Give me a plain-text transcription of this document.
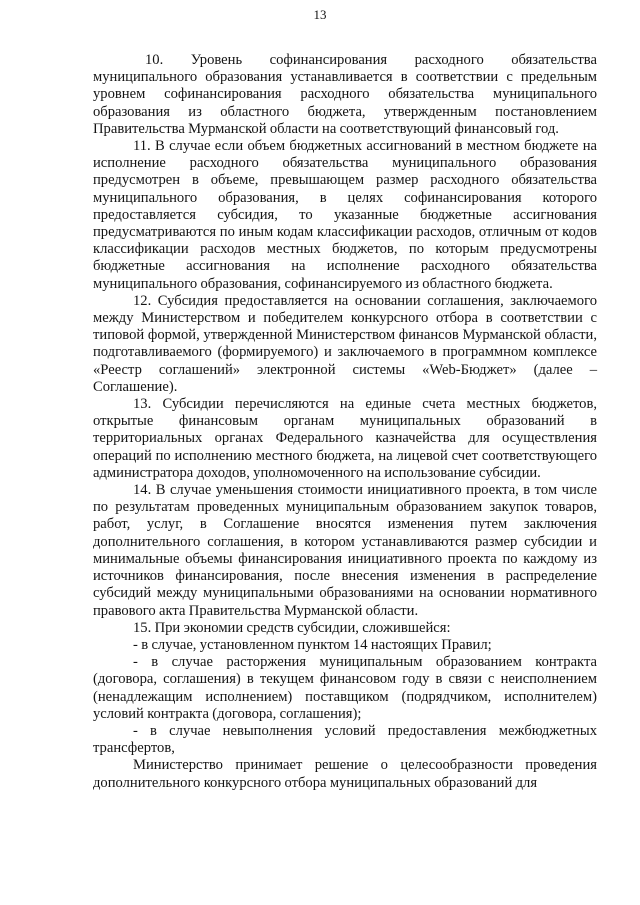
13

10. Уровень софинансирования расходного обязательства муниципального образования устанавливается в соответствии с предельным уровнем софинансирования расходного обязательства муниципального образования из областного бюджета, утвержденным постановлением Правительства Мурманской области на соответствующий финансовый год.

11. В случае если объем бюджетных ассигнований в местном бюджете на исполнение расходного обязательства муниципального образования предусмотрен в объеме, превышающем размер расходного обязательства муниципального образования, в целях софинансирования которого предоставляется субсидия, то указанные бюджетные ассигнования предусматриваются по иным кодам классификации расходов, отличным от кодов классификации расходов местных бюджетов, по которым предусмотрены бюджетные ассигнования на исполнение расходного обязательства муниципального образования, софинансируемого из областного бюджета.

12. Субсидия предоставляется на основании соглашения, заключаемого между Министерством и победителем конкурсного отбора в соответствии с типовой формой, утвержденной Министерством финансов Мурманской области, подготавливаемого (формируемого) и заключаемого в программном комплексе «Реестр соглашений» электронной системы «Web-Бюджет» (далее – Соглашение).

13. Субсидии перечисляются на единые счета местных бюджетов, открытые финансовым органам муниципальных образований в территориальных органах Федерального казначейства для осуществления операций по исполнению местного бюджета, на лицевой счет соответствующего администратора доходов, уполномоченного на использование субсидии.

14. В случае уменьшения стоимости инициативного проекта, в том числе по результатам проведенных муниципальным образованием закупок товаров, работ, услуг, в Соглашение вносятся изменения путем заключения дополнительного соглашения, в котором устанавливаются размер субсидии и минимальные объемы финансирования инициативного проекта по каждому из источников финансирования, после внесения изменения в распределение субсидий между муниципальными образованиями на основании нормативного правового акта Правительства Мурманской области.

15. При экономии средств субсидии, сложившейся:

- в случае, установленном пунктом 14 настоящих Правил;

- в случае расторжения муниципальным образованием контракта (договора, соглашения) в текущем финансовом году в связи с неисполнением (ненадлежащим исполнением) поставщиком (подрядчиком, исполнителем) условий контракта (договора, соглашения);

- в случае невыполнения условий предоставления межбюджетных трансфертов,

Министерство принимает решение о целесообразности проведения дополнительного конкурсного отбора муниципальных образований для
